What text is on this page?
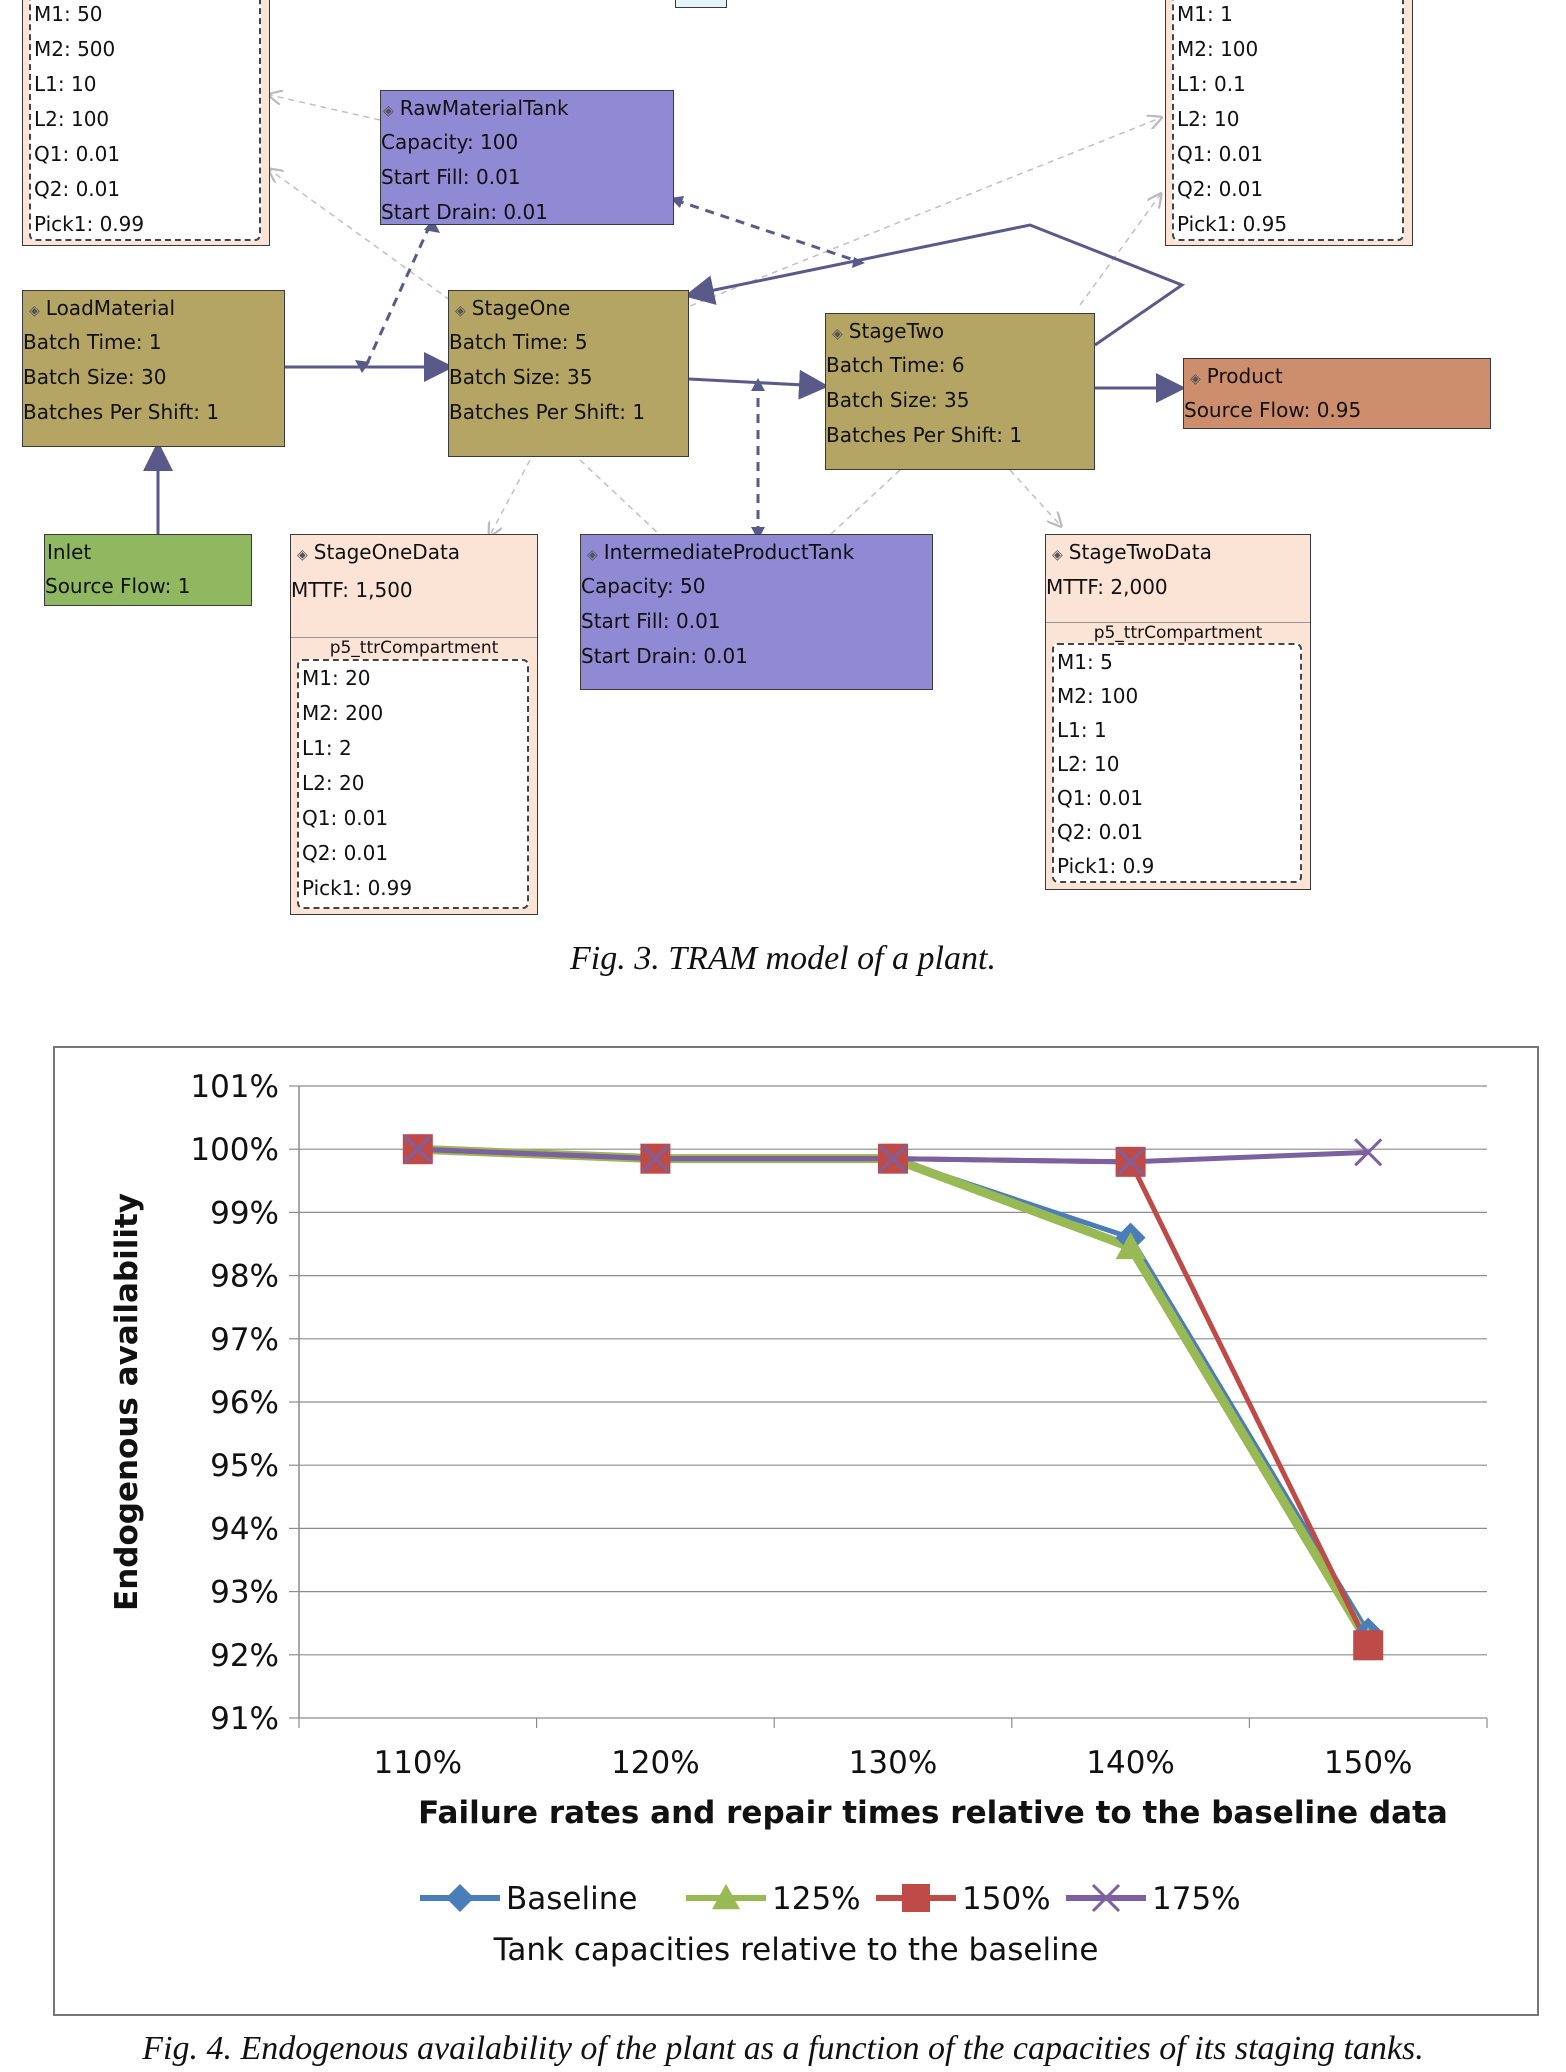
M1: 50
M2: 500
L1: 10
L2: 100
Q1: 0.01
Q2: 0.01
Pick1: 0.99
M1: 1
M2: 100
L1: 0.1
L2: 10
Q1: 0.01
Q2: 0.01
Pick1: 0.95
◈ RawMaterialTank
Capacity: 100
Start Fill: 0.01
Start Drain: 0.01
◈ LoadMaterial
Batch Time: 1
Batch Size: 30
Batches Per Shift: 1
◈ StageOne
Batch Time: 5
Batch Size: 35
Batches Per Shift: 1
◈ StageTwo
Batch Time: 6
Batch Size: 35
Batches Per Shift: 1
◈ Product
Source Flow: 0.95
Inlet
Source Flow: 1
◈ StageOneData
MTTF: 1,500
p5_ttrCompartment
M1: 20
M2: 200
L1: 2
L2: 20
Q1: 0.01
Q2: 0.01
Pick1: 0.99
◈ IntermediateProductTank
Capacity: 50
Start Fill: 0.01
Start Drain: 0.01
◈ StageTwoData
MTTF: 2,000
p5_ttrCompartment
M1: 5
M2: 100
L1: 1
L2: 10
Q1: 0.01
Q2: 0.01
Pick1: 0.9
Fig. 3. TRAM model of a plant.
91%
92%
93%
94%
95%
96%
97%
98%
99%
100%
101%
110%	120%	130%	140%	150%
Failure rates and repair times relative to the baseline data
Endogenous availability
Baseline	125%	150%	175%
Tank capacities relative to the baseline
Fig. 4. Endogenous availability of the plant as a function of the capacities of its staging tanks.
